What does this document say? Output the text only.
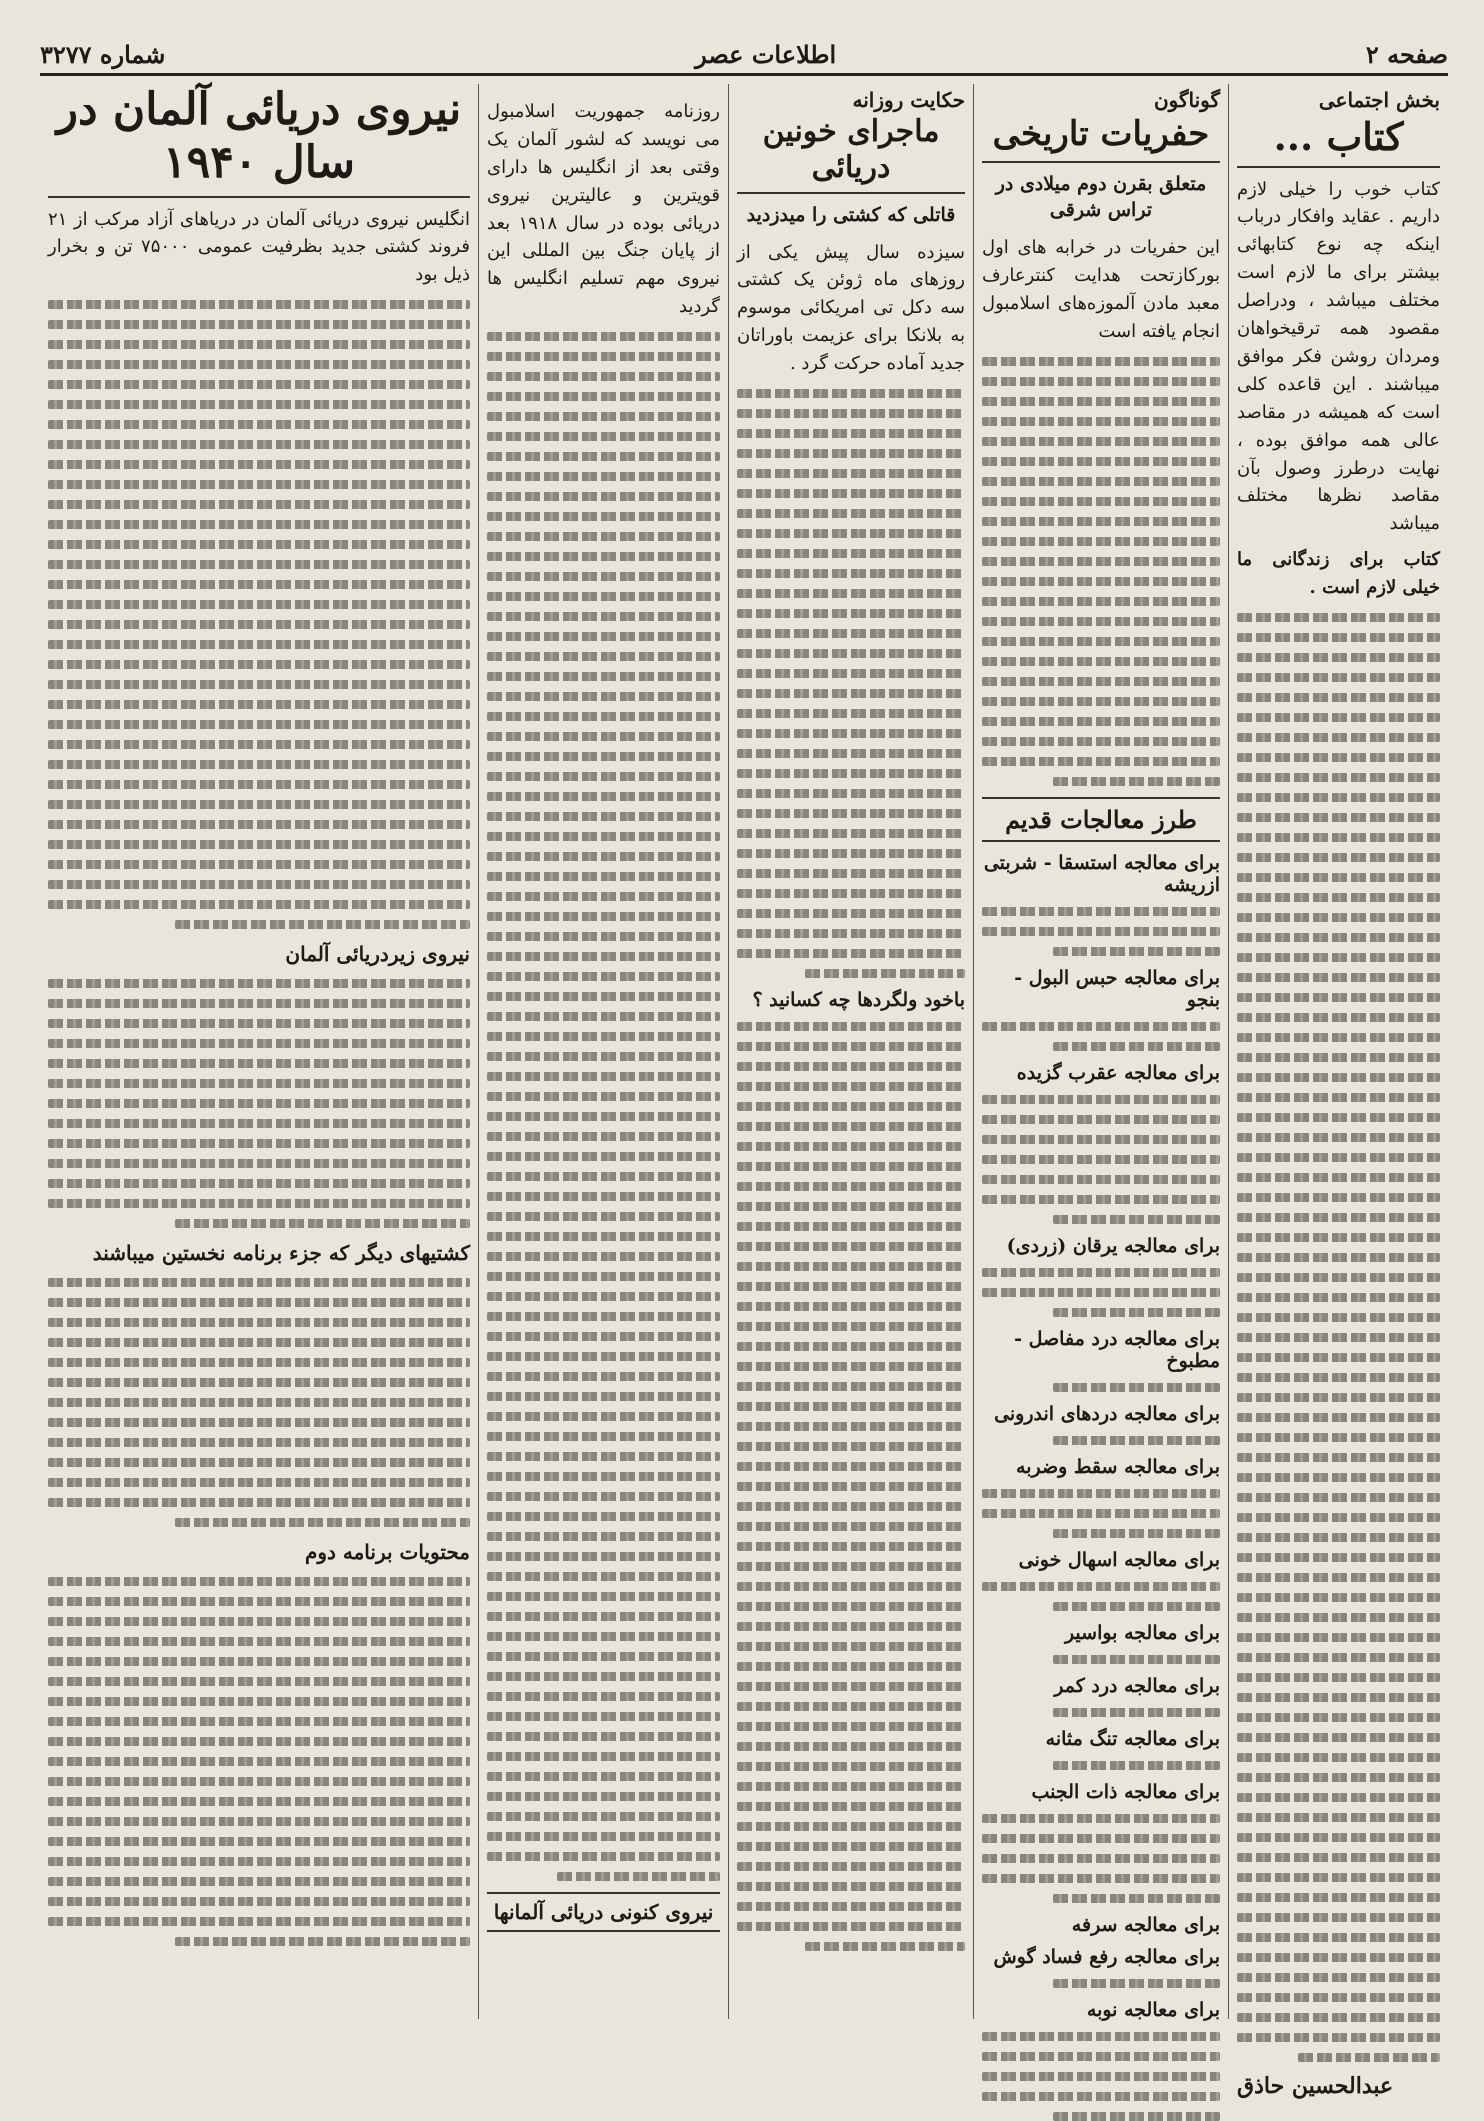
صفحه ۲
اطلاعات عصر
شماره ۳۲۷۷
بخش اجتماعی
کتاب ...

کتاب خوب را خیلی لازم داریم . عقاید وافکار درباب اینکه چه نوع کتابهائی بیشتر برای ما لازم است مختلف میباشد ، ودراصل مقصود همه ترقیخواهان ومردان روشن فکر موافق میباشند . این قاعده کلی است که همیشه در مقاصد عالی همه موافق بوده ، نهایت درطرز وصول بآن مقاصد نظرها مختلف میباشد

کتاب برای زندگانی ما خیلی لازم است .

عبدالحسین حاذق
گوناگون
حفریات تاریخی
متعلق بقرن دوم میلادی در تراس شرقی

این حفریات در خرابه های اول بورکازتحت هدایت کنترعارف معبد مادن آلموزه‌های اسلامبول انجام یافته است

طرز معالجات قدیم
برای معالجه استسقا - شربتی ازریشه
برای معالجه حبس البول - بنجو
برای معالجه عقرب گزیده
برای معالجه یرقان (زردی)
برای معالجه درد مفاصل - مطبوخ
برای معالجه دردهای اندرونی
برای معالجه سقط وضربه
برای معالجه اسهال خونی
برای معالجه بواسیر
برای معالجه درد کمر
برای معالجه تنگ مثانه
برای معالجه ذات الجنب
برای معالجه سرفه
برای معالجه رفع فساد گوش
برای معالجه نوبه
حکایت روزانه
ماجرای خونین دریائی
قاتلی که کشتی را میدزدید

سیزده سال پیش یکی از روزهای ماه ژوئن یک کشتی سه دکل تی امریکائی موسوم به بلانکا برای عزیمت باوراتان جدید آماده حرکت گرد .

باخود ولگردها چه کسانید ؟

روزنامه جمهوریت اسلامبول می نویسد که لشور آلمان یک وقتی بعد از انگلیس ها دارای قویترین و عالیترین نیروی دریائی بوده در سال ۱۹۱۸ بعد از پایان جنگ بین المللی این نیروی مهم تسلیم انگلیس ها گردید

نیروی کنونی دریائی آلمانها
نیروی دریائی آلمان در سال ۱۹۴۰

انگلیس نیروی دریائی آلمان در دریاهای آزاد مرکب از ۲۱ فروند کشتی جدید بظرفیت عمومی ۷۵۰۰۰ تن و بخرار ذیل بود

نیروی زیردریائی آلمان
کشتیهای دیگر که جزء برنامه نخستین میباشند
محتویات برنامه دوم
